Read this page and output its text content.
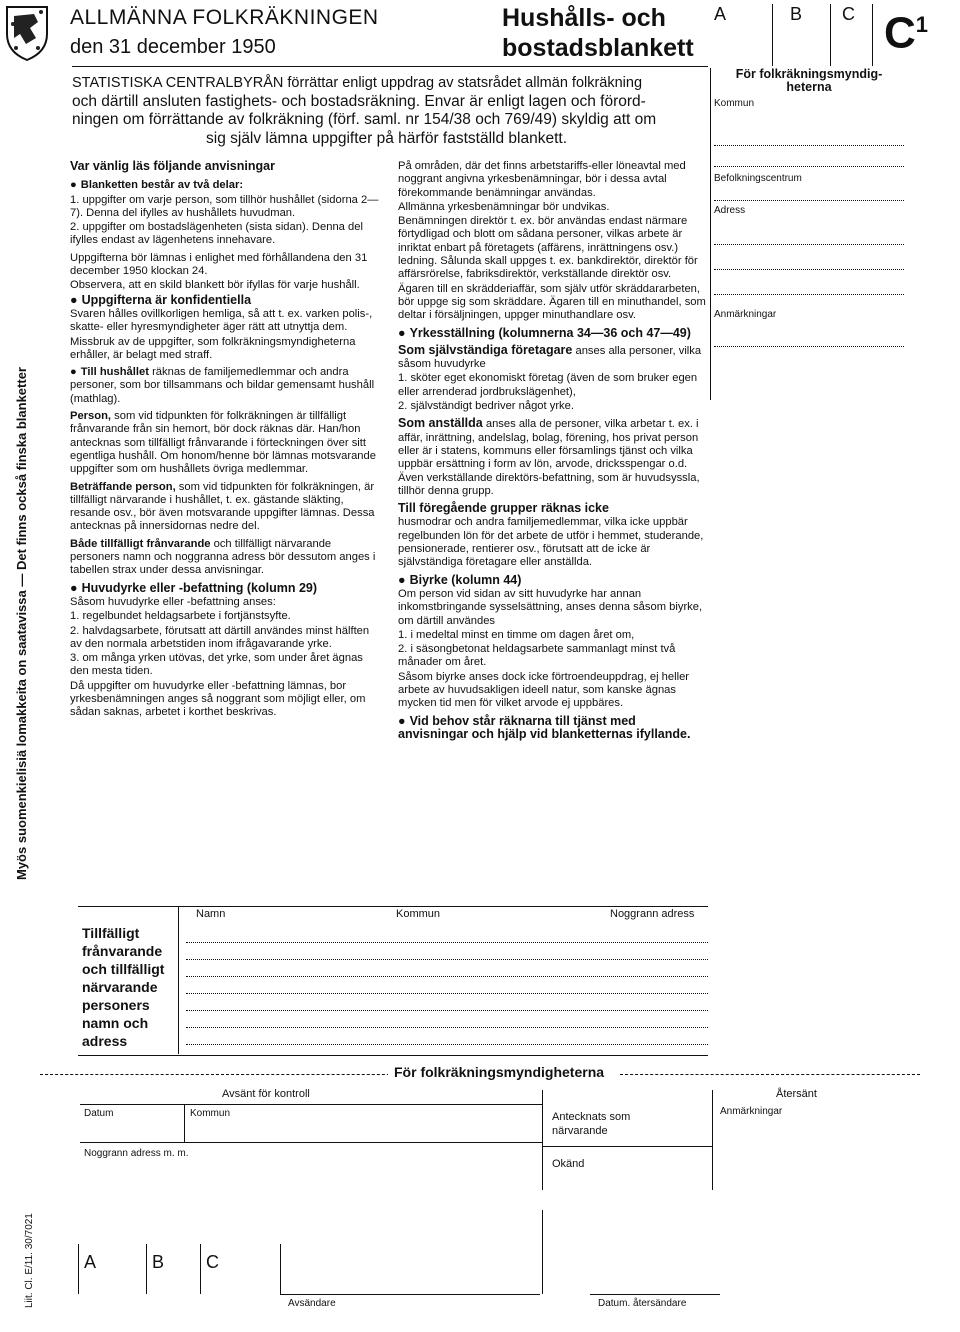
Myös suomenkielisiä lomakkeita on saatavissa — Det finns också finska blanketter
ALLMÄNNA FOLKRÄKNINGEN
den 31 december 1950
Hushålls- och
bostadsblankett
A	B C $C^1$

STATISTISKA CENTRALBYRÅN förrättar enligt uppdrag av statsrådet allmän folkräkning

och därtill ansluten fastighets- och bostadsräkning. Envar är enligt lagen och förord-

ningen om förrättande av folkräkning (förf. saml. nr 154/38 och 769/49) skyldig att om

sig själv lämna uppgifter på härför fastställd blankett.

För folkräkningsmyndig-heterna
Kommun
Befolkningscentrum
Adress
Anmärkningar

Var vänlig läs följande anvisningar

● Blanketten består av två delar:

1. uppgifter om varje person, som tillhör hushållet (sidorna 2—7). Denna del ifylles av hushållets huvudman.

2. uppgifter om bostadslägenheten (sista sidan). Denna del ifylles endast av lägenhetens innehavare.

Uppgifterna bör lämnas i enlighet med förhållandena den 31 december 1950 klockan 24.

Observera, att en skild blankett bör ifyllas för varje hushåll.

● Uppgifterna är konfidentiella

Svaren hålles ovillkorligen hemliga, så att t. ex. varken polis-, skatte- eller hyresmyndigheter äger rätt att utnyttja dem.

Missbruk av de uppgifter, som folkräkningsmyndigheterna erhåller, är belagt med straff.

● Till hushållet räknas de familjemedlemmar och andra personer, som bor tillsammans och bildar gemensamt hushåll (mathlag).

Person, som vid tidpunkten för folkräkningen är tillfälligt frånvarande från sin hemort, bör dock räknas där. Han/hon antecknas som tillfälligt frånvarande i förteckningen över sitt egentliga hushåll. Om honom/henne bör lämnas motsvarande uppgifter som om hushållets övriga medlemmar.

Beträffande person, som vid tidpunkten för folkräkningen, är tillfälligt närvarande i hushållet, t. ex. gästande släkting, resande osv., bör även motsvarande uppgifter lämnas. Dessa antecknas på innersidornas nedre del.

Både tillfälligt frånvarande och tillfälligt närvarande personers namn och noggranna adress bör dessutom anges i tabellen strax under dessa anvisningar.

● Huvudyrke eller -befattning (kolumn 29)

Såsom huvudyrke eller -befattning anses:

1. regelbundet heldagsarbete i fortjänstsyfte.

2. halvdagsarbete, förutsatt att därtill användes minst hälften av den normala arbetstiden inom ifrågavarande yrke.

3. om många yrken utövas, det yrke, som under året ägnas den mesta tiden.

Då uppgifter om huvudyrke eller -befattning lämnas, bor yrkesbenämningen anges så noggrant som möjligt eller, om sådan saknas, arbetet i korthet beskrivas.

På områden, där det finns arbetstariffs-eller löneavtal med noggrant angivna yrkesbenämningar, bör i dessa avtal förekommande benämningar användas.

Allmänna yrkesbenämningar bör undvikas.

Benämningen direktör t. ex. bör användas endast närmare förtydligad och blott om sådana personer, vilkas arbete är inriktat enbart på företagets (affärens, inrättningens osv.) ledning. Sålunda skall uppges t. ex. bankdirektör, direktör för affärsrörelse, fabriksdirektör, verkställande direktör osv.

Ägaren till en skrädderiaffär, som själv utför skräddararbeten, bör uppge sig som skräddare. Ägaren till en minuthandel, som deltar i försäljningen, uppger minuthandlare osv.

● Yrkesställning (kolumnerna 34—36 och 47—49)

Som självständiga företagare anses alla personer, vilka såsom huvudyrke

1. sköter eget ekonomiskt företag (även de som bruker egen eller arrenderad jordbrukslägenhet),

2. självständigt bedriver något yrke.

Som anställda anses alla de personer, vilka arbetar t. ex. i affär, inrättning, andelslag, bolag, förening, hos privat person eller är i statens, kommuns eller församlings tjänst och vilka uppbär ersättning i form av lön, arvode, dricksspengar o.d. Även verkställande direktörs-befattning, som är huvudsyssla, tillhör denna grupp.

Till föregående grupper räknas icke

husmodrar och andra familjemedlemmar, vilka icke uppbär regelbunden lön för det arbete de utför i hemmet, studerande, pensionerade, rentierer osv., förutsatt att de icke är självständiga företagare eller anställda.

● Biyrke (kolumn 44)

Om person vid sidan av sitt huvudyrke har annan inkomstbringande sysselsättning, anses denna såsom biyrke, om därtill användes

1. i medeltal minst en timme om dagen året om,

2. i säsongbetonat heldagsarbete sammanlagt minst två månader om året.

Såsom biyrke anses dock icke förtroendeuppdrag, ej heller arbete av huvudsakligen ideell natur, som kanske ägnas mycken tid men för vilket arvode ej uppbäres.

● Vid behov står räknarna till tjänst med anvisningar och hjälp vid blanketternas ifyllande.

Tillfälligt frånvarande och tillfälligt närvarande personers namn och adress
Namn	Kommun	Noggrann adress
För folkräkningsmyndigheterna
Avsänt för kontroll
Datum	Kommun
Noggrann adress m. m.
Antecknats som närvarande
Okänd
Återsänt
Anmärkningar
A	B C
Avsändare	Datum. återsändare
Liit. Cl. E/11. 30/7021
